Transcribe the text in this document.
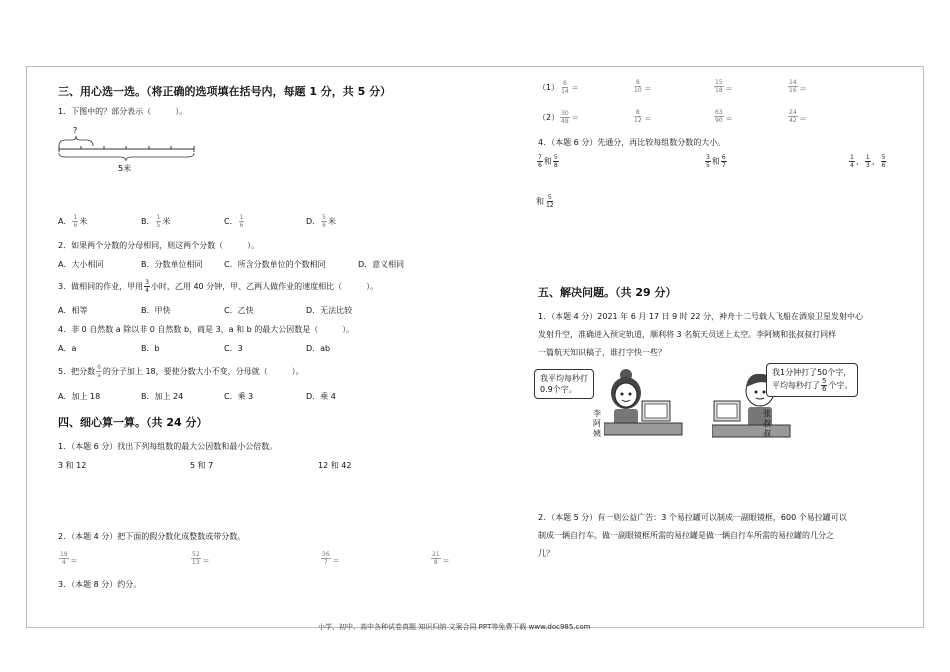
三、用心选一选。（将正确的选项填在括号内，每题 1 分，共 5 分）
1．下图中的？部分表示（　　　）。
?
5米
A． $\frac{1}{6}$ 米	B． $\frac{1}{5}$ 米	C． $\frac{1}{6}$	D． $\frac{5}{6}$ 米
2．如果两个分数的分母相同，则这两个分数（　　　）。
A．大小相同	B．分数单位相同	C．所含分数单位的个数相同	D．意义相同
3．做相同的作业，甲用 $\frac{3}{4}$ 小时，乙用 40 分钟，甲、乙两人做作业的速度相比（　　　）。
A．相等	B．甲快	C．乙快	D．无法比较
4．非 0 自然数 a 除以非 0 自然数 b，商是 3，a 和 b 的最大公因数是（　　　）。
A．a	B．b	C．3	D．ab
5．把分数 $\frac{6}{a}$ 的分子加上 18，要使分数大小不变，分母就（　　　）。
A．加上 18	B．加上 24	C．乘 3	D．乘 4
四、细心算一算。（共 24 分）
1．（本题 6 分）找出下列每组数的最大公因数和最小公倍数。
3 和 12	5 和 7	12 和 42
2．（本题 4 分）把下面的假分数化成整数或带分数。
$\frac{19}{4}$ =	$\frac{52}{13}$ =	$\frac{36}{7}$ =	$\frac{21}{8}$ =
3．（本题 8 分）约分。
$(1) \frac{6}{14}$ =	$\frac{8}{10}$ =	$\frac{15}{18}$ =	$\frac{14}{16}$ =
$(2) \frac{30}{48}$ =	$\frac{8}{12}$ =	$\frac{63}{90}$ =	$\frac{24}{42}$ =
4．（本题 6 分）先通分，再比较每组数分数的大小。
$\frac{7}{6}$ 和 $\frac{5}{8}$	$\frac{3}{5}$ 和 $\frac{6}{7}$	$\frac{1}{4}$ 、 $\frac{1}{3}$ 、 $\frac{5}{6}$
和 $\frac{5}{12}$
五、解决问题。（共 29 分）
1．（本题 4 分）2021 年 6 月 17 日 9 时 22 分，神舟十二号载人飞船在酒泉卫星发射中心
发射升空，准确进入预定轨道，顺利将 3 名航天员送上太空。李阿姨和张叔叔打同样
一篇航天知识稿子，谁打字快一些？
我平均每秒打
0.9个字。
李
阿
姨
张
叔
叔
我1分钟打了50个字，
平均每秒打了 $\frac{5}{6}$ 个字。
2．（本题 5 分）有一则公益广告：3 个易拉罐可以制成一副眼镜框，600 个易拉罐可以
制成一辆自行车。做一副眼镜框所需的易拉罐是做一辆自行车所需的易拉罐的几分之
几？
小学、初中、高中各种试卷真题 知识归纳 文案合同 PPT等免费下载 www.doc985.com
